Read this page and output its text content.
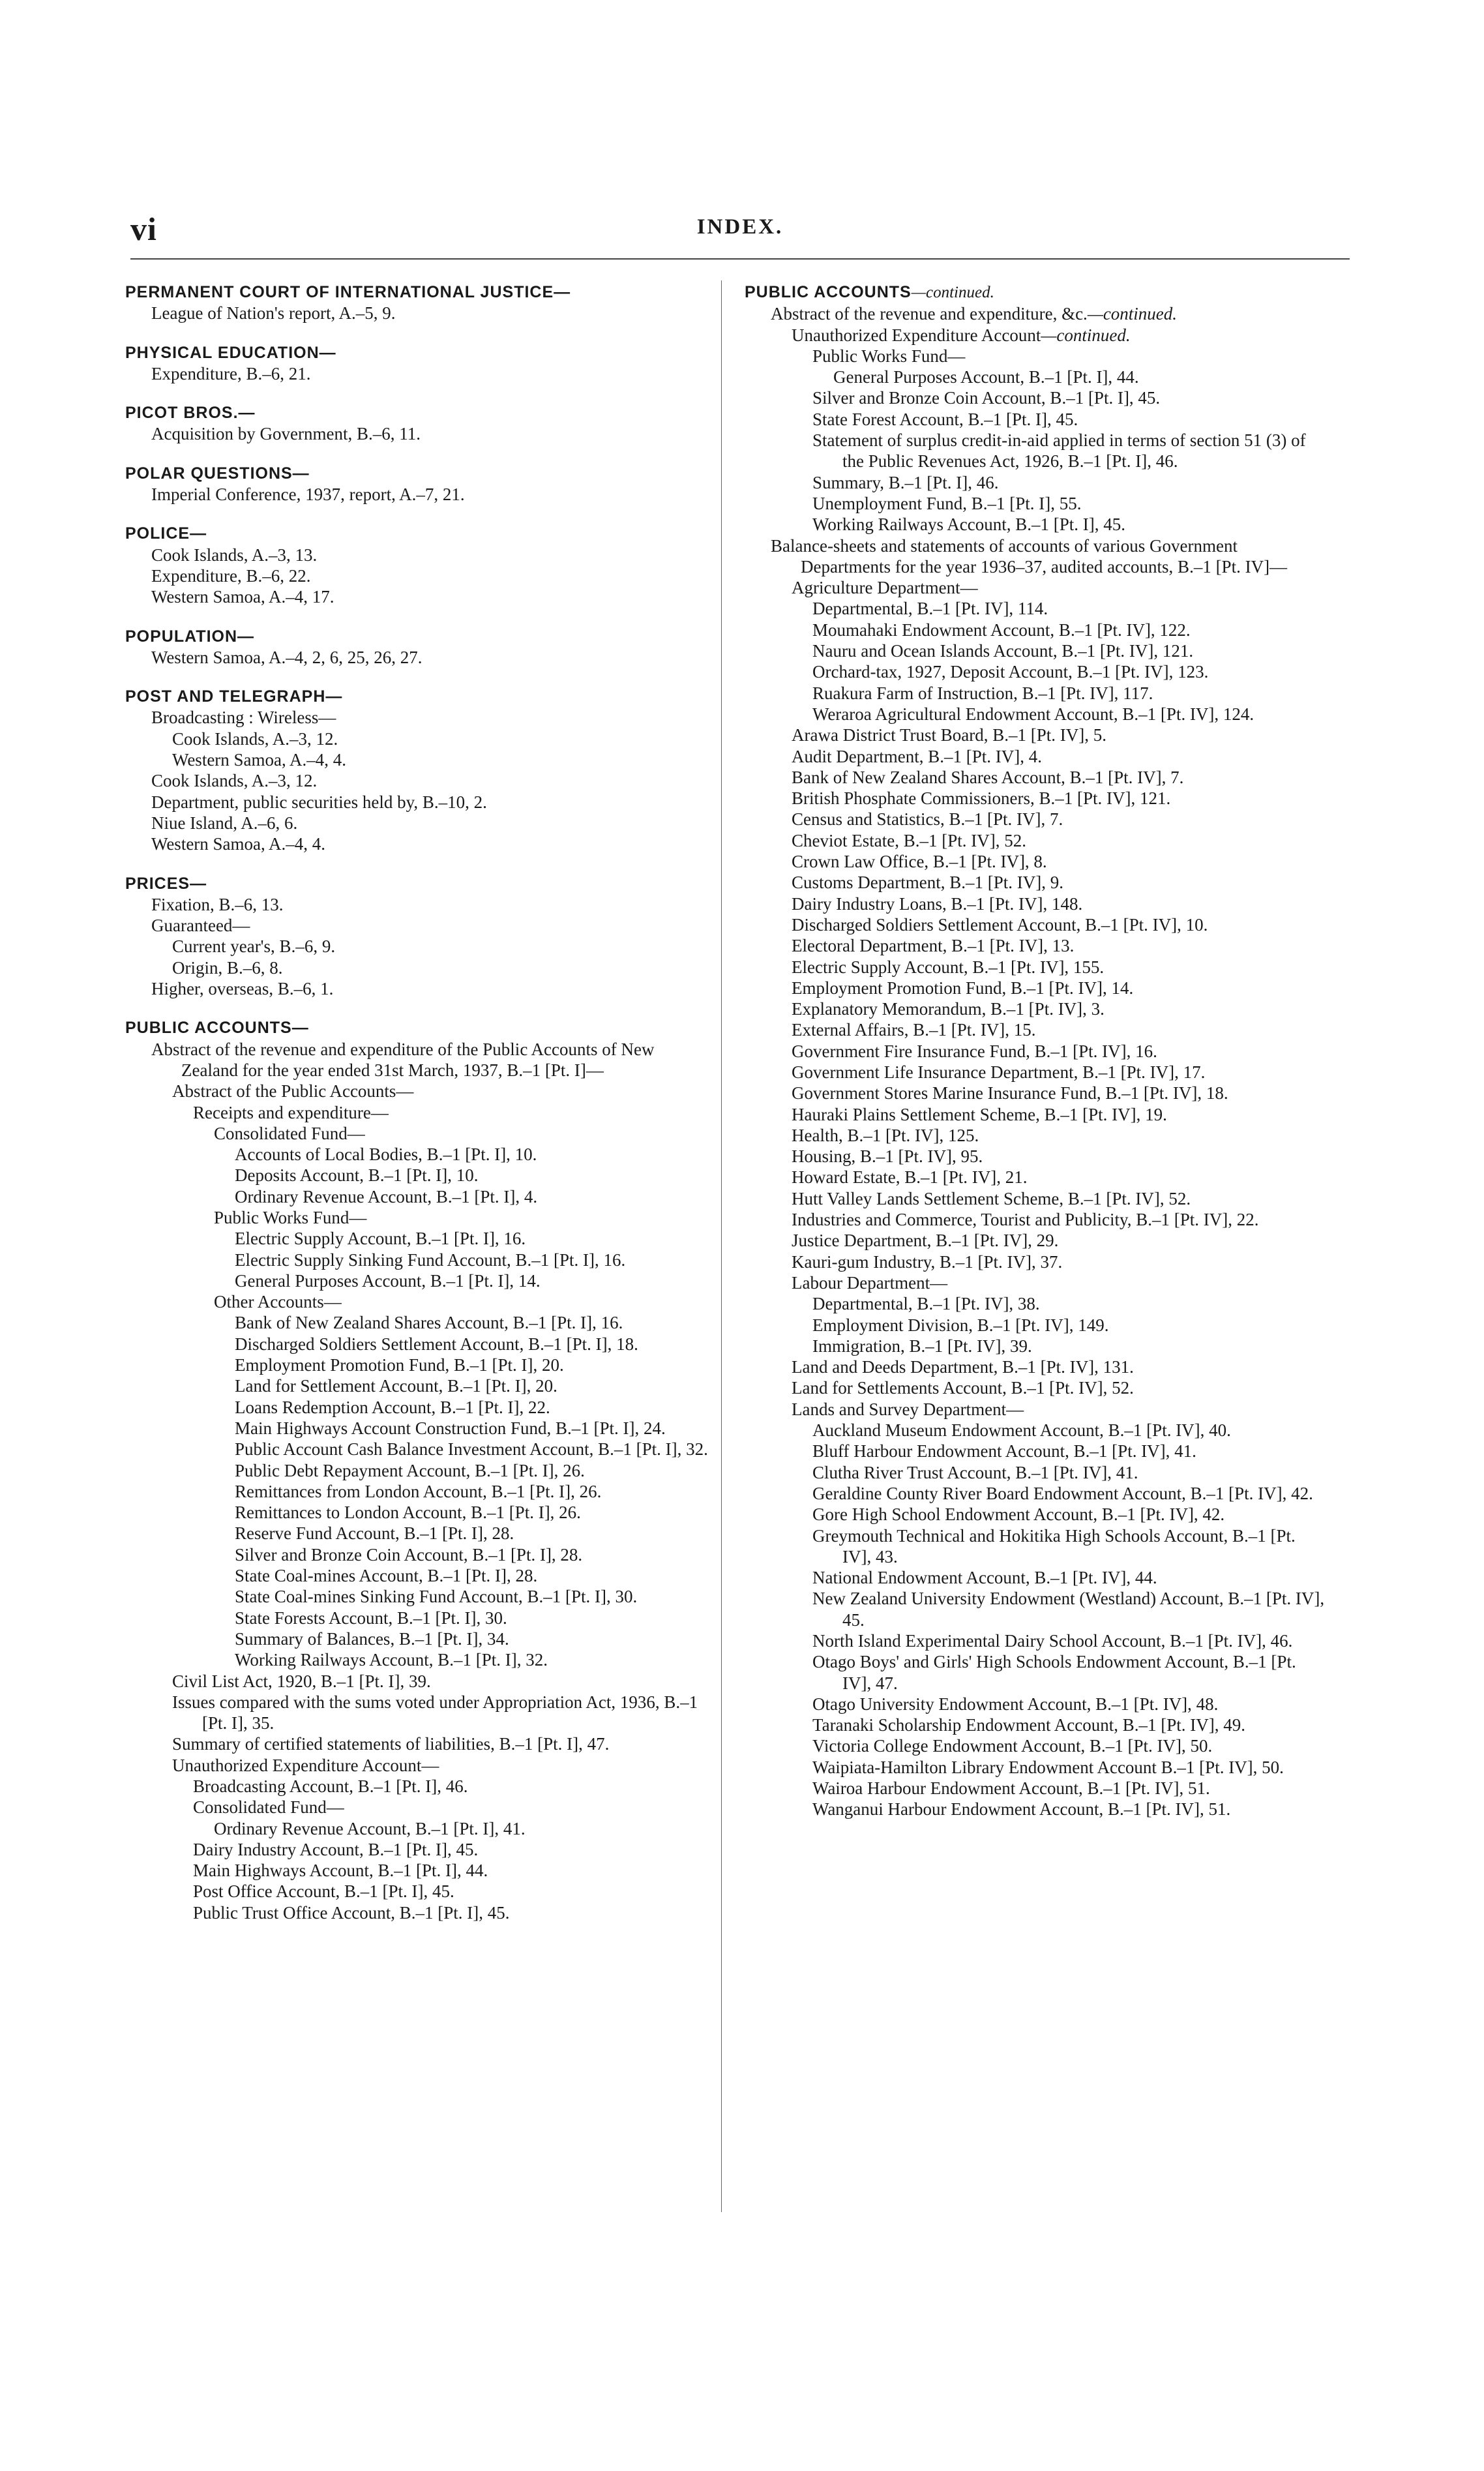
vi	INDEX.
PERMANENT COURT OF INTERNATIONAL JUSTICE—
League of Nation's report, A.–5, 9.
PHYSICAL EDUCATION—
Expenditure, B.–6, 21.
PICOT BROS.—
Acquisition by Government, B.–6, 11.
POLAR QUESTIONS—
Imperial Conference, 1937, report, A.–7, 21.
POLICE—
Cook Islands, A.–3, 13.
Expenditure, B.–6, 22.
Western Samoa, A.–4, 17.
POPULATION—
Western Samoa, A.–4, 2, 6, 25, 26, 27.
POST AND TELEGRAPH—
Broadcasting : Wireless—
Cook Islands, A.–3, 12.
Western Samoa, A.–4, 4.
Cook Islands, A.–3, 12.
Department, public securities held by, B.–10, 2.
Niue Island, A.–6, 6.
Western Samoa, A.–4, 4.
PRICES—
Fixation, B.–6, 13.
Guaranteed—
Current year's, B.–6, 9.
Origin, B.–6, 8.
Higher, overseas, B.–6, 1.
PUBLIC ACCOUNTS—
Abstract of the revenue and expenditure of the Public Accounts of New Zealand for the year ended 31st March, 1937, B.–1 [Pt. I]—
Abstract of the Public Accounts—
Receipts and expenditure—
Consolidated Fund—
Accounts of Local Bodies, B.–1 [Pt. I], 10.
Deposits Account, B.–1 [Pt. I], 10.
Ordinary Revenue Account, B.–1 [Pt. I], 4.
Public Works Fund—
Electric Supply Account, B.–1 [Pt. I], 16.
Electric Supply Sinking Fund Account, B.–1 [Pt. I], 16.
General Purposes Account, B.–1 [Pt. I], 14.
Other Accounts—
Bank of New Zealand Shares Account, B.–1 [Pt. I], 16.
Discharged Soldiers Settlement Account, B.–1 [Pt. I], 18.
Employment Promotion Fund, B.–1 [Pt. I], 20.
Land for Settlement Account, B.–1 [Pt. I], 20.
Loans Redemption Account, B.–1 [Pt. I], 22.
Main Highways Account Construction Fund, B.–1 [Pt. I], 24.
Public Account Cash Balance Investment Account, B.–1 [Pt. I], 32.
Public Debt Repayment Account, B.–1 [Pt. I], 26.
Remittances from London Account, B.–1 [Pt. I], 26.
Remittances to London Account, B.–1 [Pt. I], 26.
Reserve Fund Account, B.–1 [Pt. I], 28.
Silver and Bronze Coin Account, B.–1 [Pt. I], 28.
State Coal-mines Account, B.–1 [Pt. I], 28.
State Coal-mines Sinking Fund Account, B.–1 [Pt. I], 30.
State Forests Account, B.–1 [Pt. I], 30.
Summary of Balances, B.–1 [Pt. I], 34.
Working Railways Account, B.–1 [Pt. I], 32.
Civil List Act, 1920, B.–1 [Pt. I], 39.
Issues compared with the sums voted under Appropriation Act, 1936, B.–1 [Pt. I], 35.
Summary of certified statements of liabilities, B.–1 [Pt. I], 47.
Unauthorized Expenditure Account—
Broadcasting Account, B.–1 [Pt. I], 46.
Consolidated Fund—
Ordinary Revenue Account, B.–1 [Pt. I], 41.
Dairy Industry Account, B.–1 [Pt. I], 45.
Main Highways Account, B.–1 [Pt. I], 44.
Post Office Account, B.–1 [Pt. I], 45.
Public Trust Office Account, B.–1 [Pt. I], 45.
PUBLIC ACCOUNTS—continued.
Abstract of the revenue and expenditure, &c.—continued.
Unauthorized Expenditure Account—continued.
Public Works Fund—
General Purposes Account, B.–1 [Pt. I], 44.
Silver and Bronze Coin Account, B.–1 [Pt. I], 45.
State Forest Account, B.–1 [Pt. I], 45.
Statement of surplus credit-in-aid applied in terms of section 51 (3) of the Public Revenues Act, 1926, B.–1 [Pt. I], 46.
Summary, B.–1 [Pt. I], 46.
Unemployment Fund, B.–1 [Pt. I], 55.
Working Railways Account, B.–1 [Pt. I], 45.
Balance-sheets and statements of accounts of various Government Departments for the year 1936–37, audited accounts, B.–1 [Pt. IV]—
Agriculture Department—
Departmental, B.–1 [Pt. IV], 114.
Moumahaki Endowment Account, B.–1 [Pt. IV], 122.
Nauru and Ocean Islands Account, B.–1 [Pt. IV], 121.
Orchard-tax, 1927, Deposit Account, B.–1 [Pt. IV], 123.
Ruakura Farm of Instruction, B.–1 [Pt. IV], 117.
Weraroa Agricultural Endowment Account, B.–1 [Pt. IV], 124.
Arawa District Trust Board, B.–1 [Pt. IV], 5.
Audit Department, B.–1 [Pt. IV], 4.
Bank of New Zealand Shares Account, B.–1 [Pt. IV], 7.
British Phosphate Commissioners, B.–1 [Pt. IV], 121.
Census and Statistics, B.–1 [Pt. IV], 7.
Cheviot Estate, B.–1 [Pt. IV], 52.
Crown Law Office, B.–1 [Pt. IV], 8.
Customs Department, B.–1 [Pt. IV], 9.
Dairy Industry Loans, B.–1 [Pt. IV], 148.
Discharged Soldiers Settlement Account, B.–1 [Pt. IV], 10.
Electoral Department, B.–1 [Pt. IV], 13.
Electric Supply Account, B.–1 [Pt. IV], 155.
Employment Promotion Fund, B.–1 [Pt. IV], 14.
Explanatory Memorandum, B.–1 [Pt. IV], 3.
External Affairs, B.–1 [Pt. IV], 15.
Government Fire Insurance Fund, B.–1 [Pt. IV], 16.
Government Life Insurance Department, B.–1 [Pt. IV], 17.
Government Stores Marine Insurance Fund, B.–1 [Pt. IV], 18.
Hauraki Plains Settlement Scheme, B.–1 [Pt. IV], 19.
Health, B.–1 [Pt. IV], 125.
Housing, B.–1 [Pt. IV], 95.
Howard Estate, B.–1 [Pt. IV], 21.
Hutt Valley Lands Settlement Scheme, B.–1 [Pt. IV], 52.
Industries and Commerce, Tourist and Publicity, B.–1 [Pt. IV], 22.
Justice Department, B.–1 [Pt. IV], 29.
Kauri-gum Industry, B.–1 [Pt. IV], 37.
Labour Department—
Departmental, B.–1 [Pt. IV], 38.
Employment Division, B.–1 [Pt. IV], 149.
Immigration, B.–1 [Pt. IV], 39.
Land and Deeds Department, B.–1 [Pt. IV], 131.
Land for Settlements Account, B.–1 [Pt. IV], 52.
Lands and Survey Department—
Auckland Museum Endowment Account, B.–1 [Pt. IV], 40.
Bluff Harbour Endowment Account, B.–1 [Pt. IV], 41.
Clutha River Trust Account, B.–1 [Pt. IV], 41.
Geraldine County River Board Endowment Account, B.–1 [Pt. IV], 42.
Gore High School Endowment Account, B.–1 [Pt. IV], 42.
Greymouth Technical and Hokitika High Schools Account, B.–1 [Pt. IV], 43.
National Endowment Account, B.–1 [Pt. IV], 44.
New Zealand University Endowment (Westland) Account, B.–1 [Pt. IV], 45.
North Island Experimental Dairy School Account, B.–1 [Pt. IV], 46.
Otago Boys' and Girls' High Schools Endowment Account, B.–1 [Pt. IV], 47.
Otago University Endowment Account, B.–1 [Pt. IV], 48.
Taranaki Scholarship Endowment Account, B.–1 [Pt. IV], 49.
Victoria College Endowment Account, B.–1 [Pt. IV], 50.
Waipiata-Hamilton Library Endowment Account B.–1 [Pt. IV], 50.
Wairoa Harbour Endowment Account, B.–1 [Pt. IV], 51.
Wanganui Harbour Endowment Account, B.–1 [Pt. IV], 51.
